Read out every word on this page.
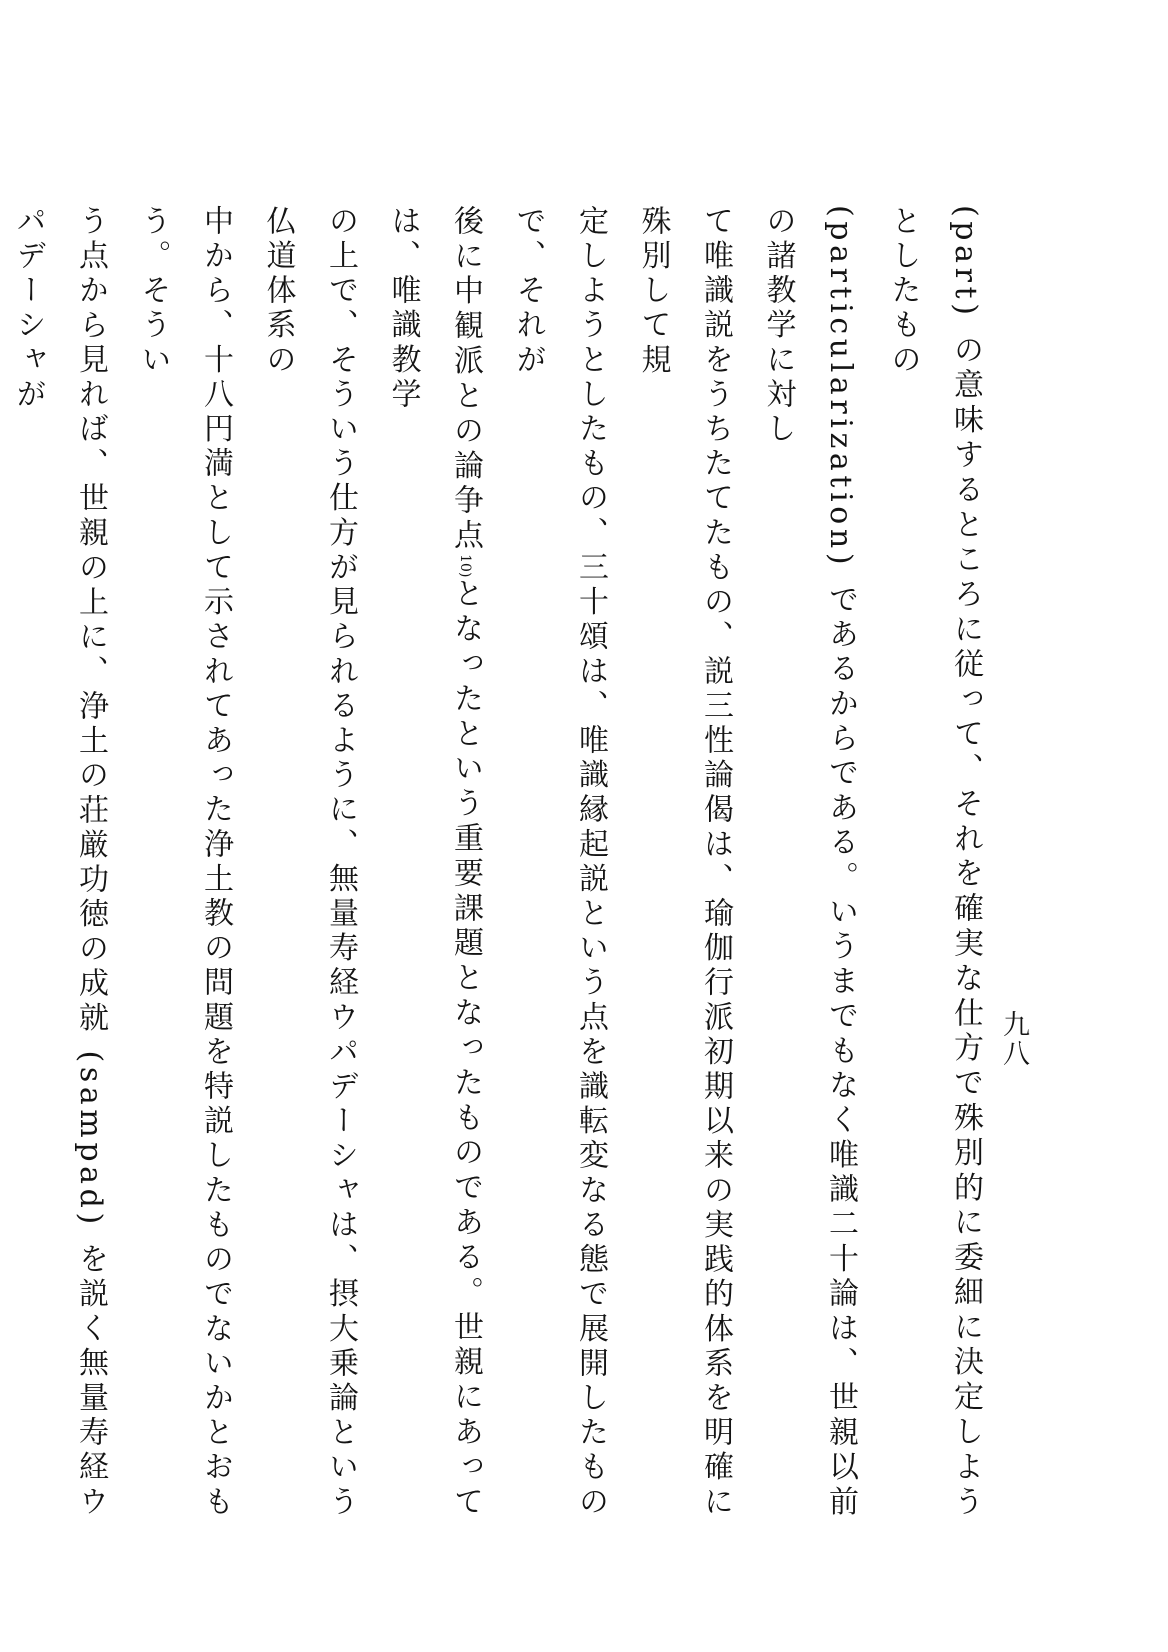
九八
(part) の意味するところに従って、それを確実な仕方で殊別的に委細に決定しようとしたもの
(particularization) であるからである。いうまでもなく唯識二十論は、世親以前の諸教学に対し
て唯識説をうちたてたもの、説三性論偈は、瑜伽行派初期以来の実践的体系を明確に殊別して規
定しようとしたもの、三十頌は、唯識縁起説という点を識転変なる態で展開したもので、それが
後に中観派との論争点10)となったという重要課題となったものである。世親にあっては、唯識教学
の上で、そういう仕方が見られるように、無量寿経ウパデーシャは、摂大乗論という仏道体系の
中から、十八円満として示されてあった浄土教の問題を特説したものでないかとおもう。そうい
う点から見れば、世親の上に、浄土の荘厳功徳の成就 (sampad) を説く無量寿経ウパデーシャが
